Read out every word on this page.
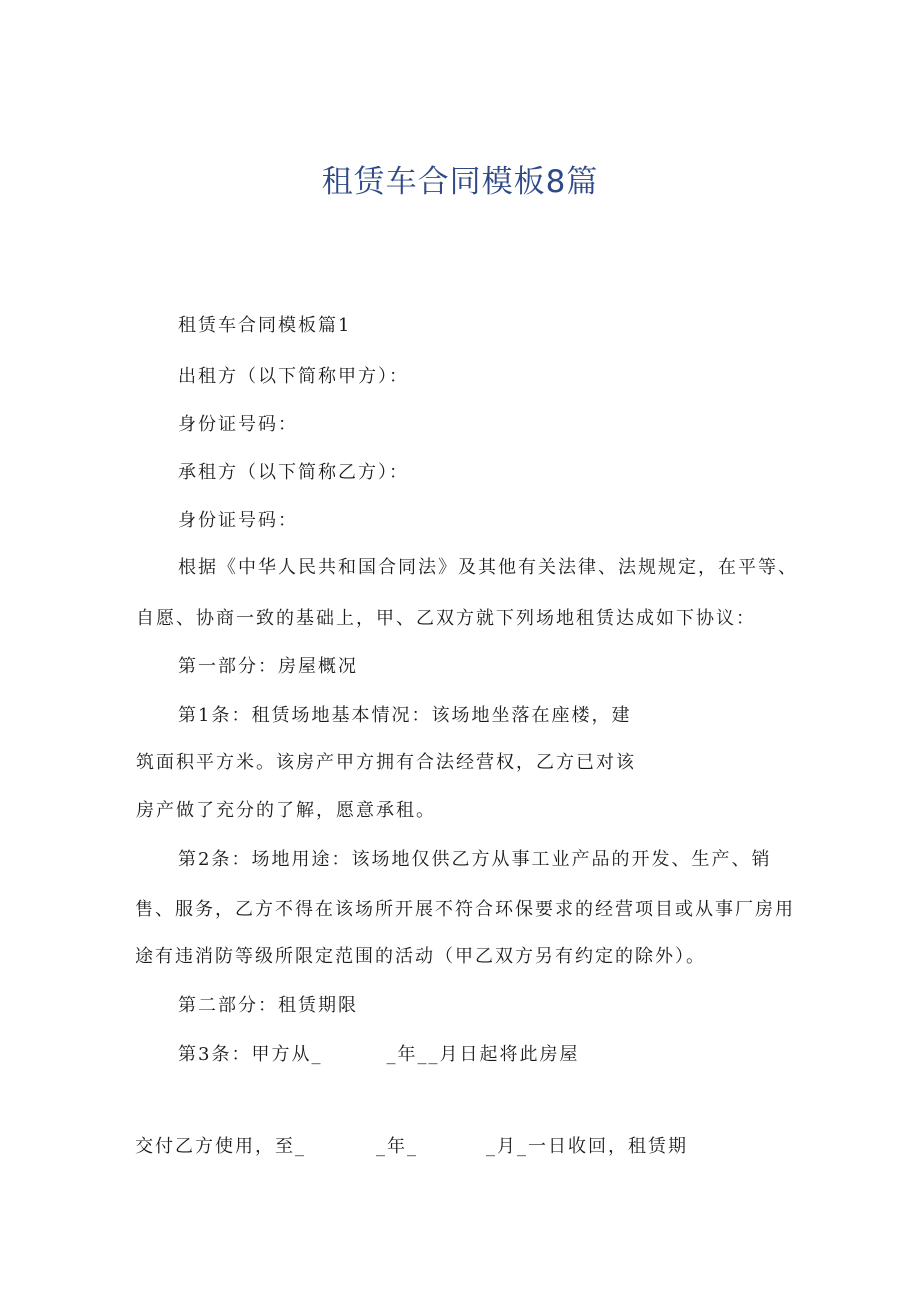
租赁车合同模板8篇
租赁车合同模板篇1
出租方（以下简称甲方）：
身份证号码：
承租方（以下简称乙方）：
身份证号码：
根据《中华人民共和国合同法》及其他有关法律、法规规定，在平等、
自愿、协商一致的基础上，甲、乙双方就下列场地租赁达成如下协议：
第一部分：房屋概况
第1条：租赁场地基本情况：该场地坐落在座楼，建
筑面积平方米。该房产甲方拥有合法经营权，乙方已对该
房产做了充分的了解，愿意承租。
第2条：场地用途：该场地仅供乙方从事工业产品的开发、生产、销
售、服务，乙方不得在该场所开展不符合环保要求的经营项目或从事厂房用
途有违消防等级所限定范围的活动（甲乙双方另有约定的除外）。
第二部分：租赁期限
第3条：甲方从_	_年__月日起将此房屋
交付乙方使用，至_	_年_	_月_一日收回，租赁期
